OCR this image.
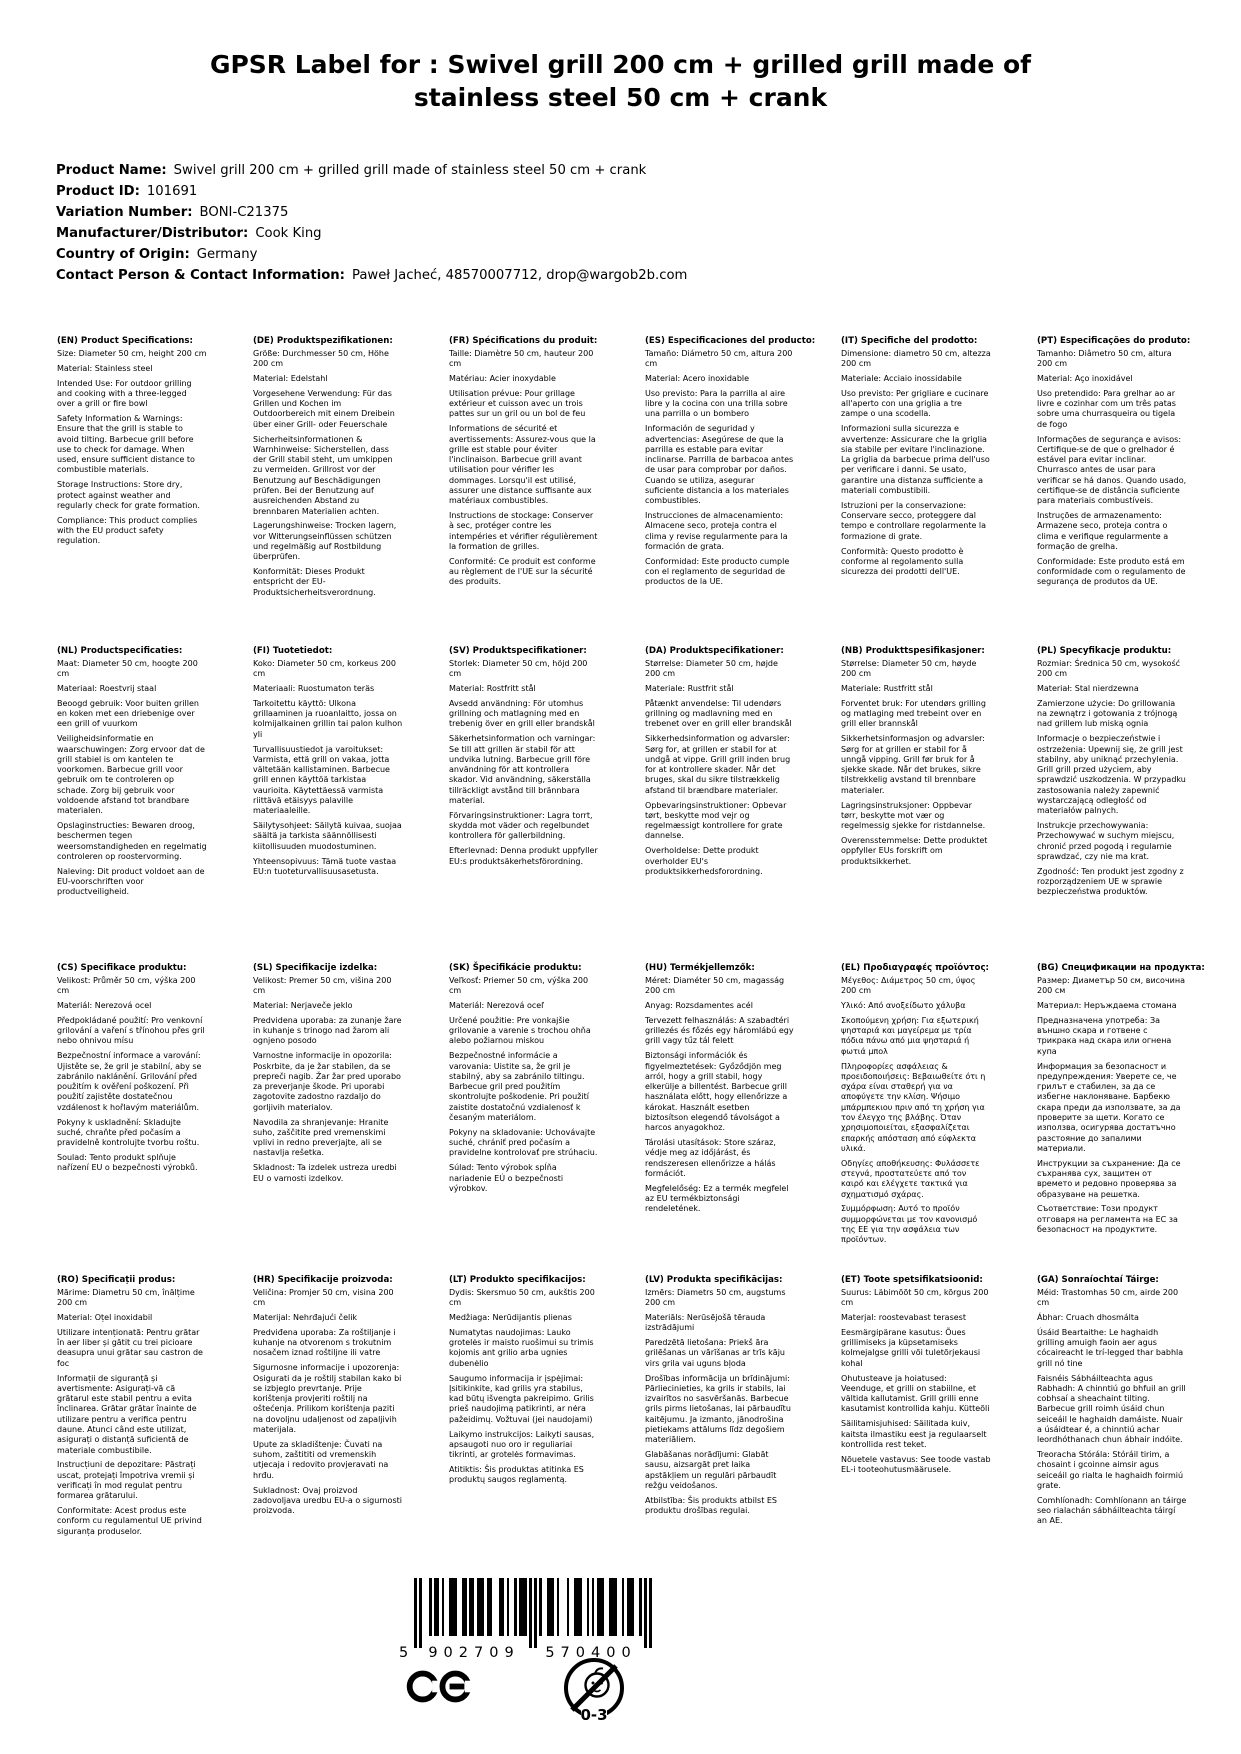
GPSR Label for : Swivel grill 200 cm + grilled grill made of
stainless steel 50 cm + crank
Product Name: Swivel grill 200 cm + grilled grill made of stainless steel 50 cm + crank
Product ID: 101691
Variation Number: BONI-C21375
Manufacturer/Distributor: Cook King
Country of Origin: Germany
Contact Person & Contact Information: Paweł Jacheć, 48570007712, drop@wargob2b.com
(EN) Product Specifications:

Size: Diameter 50 cm, height 200 cm

Material: Stainless steel

Intended Use: For outdoor grilling and cooking with a three-legged over a grill or fire bowl

Safety Information & Warnings: Ensure that the grill is stable to avoid tilting. Barbecue grill before use to check for damage. When used, ensure sufficient distance to combustible materials.

Storage Instructions: Store dry, protect against weather and regularly check for grate formation.

Compliance: This product complies with the EU product safety regulation.

(DE) Produktspezifikationen:

Größe: Durchmesser 50 cm, Höhe 200 cm

Material: Edelstahl

Vorgesehene Verwendung: Für das Grillen und Kochen im Outdoorbereich mit einem Dreibein über einer Grill- oder Feuerschale

Sicherheitsinformationen & Warnhinweise: Sicherstellen, dass der Grill stabil steht, um umkippen zu vermeiden. Grillrost vor der Benutzung auf Beschädigungen prüfen. Bei der Benutzung auf ausreichenden Abstand zu brennbaren Materialien achten.

Lagerungshinweise: Trocken lagern, vor Witterungseinflüssen schützen und regelmäßig auf Rostbildung überprüfen.

Konformität: Dieses Produkt entspricht der EU-Produktsicherheitsverordnung.

(FR) Spécifications du produit:

Taille: Diamètre 50 cm, hauteur 200 cm

Matériau: Acier inoxydable

Utilisation prévue: Pour grillage extérieur et cuisson avec un trois pattes sur un gril ou un bol de feu

Informations de sécurité et avertissements: Assurez-vous que la grille est stable pour éviter l'inclinaison. Barbecue grill avant utilisation pour vérifier les dommages. Lorsqu'il est utilisé, assurer une distance suffisante aux matériaux combustibles.

Instructions de stockage: Conserver à sec, protéger contre les intempéries et vérifier régulièrement la formation de grilles.

Conformité: Ce produit est conforme au règlement de l'UE sur la sécurité des produits.

(ES) Especificaciones del producto:

Tamaño: Diámetro 50 cm, altura 200 cm

Material: Acero inoxidable

Uso previsto: Para la parrilla al aire libre y la cocina con una trilla sobre una parrilla o un bombero

Información de seguridad y advertencias: Asegúrese de que la parrilla es estable para evitar inclinarse. Parrilla de barbacoa antes de usar para comprobar por daños. Cuando se utiliza, asegurar suficiente distancia a los materiales combustibles.

Instrucciones de almacenamiento: Almacene seco, proteja contra el clima y revise regularmente para la formación de grata.

Conformidad: Este producto cumple con el reglamento de seguridad de productos de la UE.

(IT) Specifiche del prodotto:

Dimensione: diametro 50 cm, altezza 200 cm

Materiale: Acciaio inossidabile

Uso previsto: Per grigliare e cucinare all'aperto con una griglia a tre zampe o una scodella.

Informazioni sulla sicurezza e avvertenze: Assicurare che la griglia sia stabile per evitare l'inclinazione. La griglia da barbecue prima dell'uso per verificare i danni. Se usato, garantire una distanza sufficiente a materiali combustibili.

Istruzioni per la conservazione: Conservare secco, proteggere dal tempo e controllare regolarmente la formazione di grate.

Conformità: Questo prodotto è conforme al regolamento sulla sicurezza dei prodotti dell'UE.

(PT) Especificações do produto:

Tamanho: Diâmetro 50 cm, altura 200 cm

Material: Aço inoxidável

Uso pretendido: Para grelhar ao ar livre e cozinhar com um três patas sobre uma churrasqueira ou tigela de fogo

Informações de segurança e avisos: Certifique-se de que o grelhador é estável para evitar inclinar. Churrasco antes de usar para verificar se há danos. Quando usado, certifique-se de distância suficiente para materiais combustíveis.

Instruções de armazenamento: Armazene seco, proteja contra o clima e verifique regularmente a formação de grelha.

Conformidade: Este produto está em conformidade com o regulamento de segurança de produtos da UE.

(NL) Productspecificaties:

Maat: Diameter 50 cm, hoogte 200 cm

Materiaal: Roestvrij staal

Beoogd gebruik: Voor buiten grillen en koken met een driebenige over een grill of vuurkom

Veiligheidsinformatie en waarschuwingen: Zorg ervoor dat de grill stabiel is om kantelen te voorkomen. Barbecue grill voor gebruik om te controleren op schade. Zorg bij gebruik voor voldoende afstand tot brandbare materialen.

Opslaginstructies: Bewaren droog, beschermen tegen weersomstandigheden en regelmatig controleren op roostervorming.

Naleving: Dit product voldoet aan de EU-voorschriften voor productveiligheid.

(FI) Tuotetiedot:

Koko: Diameter 50 cm, korkeus 200 cm

Materiaali: Ruostumaton teräs

Tarkoitettu käyttö: Ulkona grillaaminen ja ruoanlaitto, jossa on kolmijalkainen grillin tai palon kulhon yli

Turvallisuustiedot ja varoitukset: Varmista, että grill on vakaa, jotta vältetään kallistaminen. Barbecue grill ennen käyttöä tarkistaa vaurioita. Käytettäessä varmista riittävä etäisyys palaville materiaaleille.

Säilytysohjeet: Säilytä kuivaa, suojaa säältä ja tarkista säännöllisesti kiitollisuuden muodostuminen.

Yhteensopivuus: Tämä tuote vastaa EU:n tuoteturvallisuusasetusta.

(SV) Produktspecifikationer:

Storlek: Diameter 50 cm, höjd 200 cm

Material: Rostfritt stål

Avsedd användning: För utomhus grillning och matlagning med en trebenig över en grill eller brandskål

Säkerhetsinformation och varningar: Se till att grillen är stabil för att undvika lutning. Barbecue grill före användning för att kontrollera skador. Vid användning, säkerställa tillräckligt avstånd till brännbara material.

Förvaringsinstruktioner: Lagra torrt, skydda mot väder och regelbundet kontrollera för gallerbildning.

Efterlevnad: Denna produkt uppfyller EU:s produktsäkerhetsförordning.

(DA) Produktspecifikationer:

Størrelse: Diameter 50 cm, højde 200 cm

Materiale: Rustfrit stål

Påtænkt anvendelse: Til udendørs grillning og madlavning med en trebenet over en grill eller brandskål

Sikkerhedsinformation og advarsler: Sørg for, at grillen er stabil for at undgå at vippe. Grill grill inden brug for at kontrollere skader. Når det bruges, skal du sikre tilstrækkelig afstand til brændbare materialer.

Opbevaringsinstruktioner: Opbevar tørt, beskytte mod vejr og regelmæssigt kontrollere for grate dannelse.

Overholdelse: Dette produkt overholder EU's produktsikkerhedsforordning.

(NB) Produkttspesifikasjoner:

Størrelse: Diameter 50 cm, høyde 200 cm

Materiale: Rustfritt stål

Forventet bruk: For utendørs grilling og matlaging med trebeint over en grill eller brannskål

Sikkerhetsinformasjon og advarsler: Sørg for at grillen er stabil for å unngå vipping. Grill før bruk for å sjekke skade. Når det brukes, sikre tilstrekkelig avstand til brennbare materialer.

Lagringsinstruksjoner: Oppbevar tørr, beskytte mot vær og regelmessig sjekke for ristdannelse.

Overensstemmelse: Dette produktet oppfyller EUs forskrift om produktsikkerhet.

(PL) Specyfikacje produktu:

Rozmiar: Średnica 50 cm, wysokość 200 cm

Materiał: Stal nierdzewna

Zamierzone użycie: Do grillowania na zewnątrz i gotowania z trójnogą nad grillem lub miską ognia

Informacje o bezpieczeństwie i ostrzeżenia: Upewnij się, że grill jest stabilny, aby uniknąć przechylenia. Grill grill przed użyciem, aby sprawdzić uszkodzenia. W przypadku zastosowania należy zapewnić wystarczającą odległość od materiałów palnych.

Instrukcje przechowywania: Przechowywać w suchym miejscu, chronić przed pogodą i regularnie sprawdzać, czy nie ma krat.

Zgodność: Ten produkt jest zgodny z rozporządzeniem UE w sprawie bezpieczeństwa produktów.

(CS) Specifikace produktu:

Velikost: Průměr 50 cm, výška 200 cm

Materiál: Nerezová ocel

Předpokládané použití: Pro venkovní grilování a vaření s třínohou přes gril nebo ohnivou mísu

Bezpečnostní informace a varování: Ujistěte se, že gril je stabilní, aby se zabránilo naklánění. Grilování před použitím k ověření poškození. Při použití zajistěte dostatečnou vzdálenost k hořlavým materiálům.

Pokyny k uskladnění: Skladujte suché, chraňte před počasím a pravidelně kontrolujte tvorbu roštu.

Soulad: Tento produkt splňuje nařízení EU o bezpečnosti výrobků.

(SL) Specifikacije izdelka:

Velikost: Premer 50 cm, višina 200 cm

Material: Nerjaveče jeklo

Predvidena uporaba: za zunanje žare in kuhanje s trinogo nad žarom ali ognjeno posodo

Varnostne informacije in opozorila: Poskrbite, da je žar stabilen, da se prepreči nagib. Žar žar pred uporabo za preverjanje škode. Pri uporabi zagotovite zadostno razdaljo do gorljivih materialov.

Navodila za shranjevanje: Hranite suho, zaščitite pred vremenskimi vplivi in redno preverjajte, ali se nastavlja rešetka.

Skladnost: Ta izdelek ustreza uredbi EU o varnosti izdelkov.

(SK) Špecifikácie produktu:

Veľkosť: Priemer 50 cm, výška 200 cm

Materiál: Nerezová oceľ

Určené použitie: Pre vonkajšie grilovanie a varenie s trochou ohňa alebo požiarnou miskou

Bezpečnostné informácie a varovania: Uistite sa, že gril je stabilný, aby sa zabránilo tiltingu. Barbecue gril pred použitím skontrolujte poškodenie. Pri použití zaistite dostatočnú vzdialenosť k česaným materiálom.

Pokyny na skladovanie: Uchovávajte suché, chrániť pred počasím a pravidelne kontrolovať pre strúhaciu.

Súlad: Tento výrobok spĺňa nariadenie EÚ o bezpečnosti výrobkov.

(HU) Termékjellemzők:

Méret: Diaméter 50 cm, magasság 200 cm

Anyag: Rozsdamentes acél

Tervezett felhasználás: A szabadtéri grillezés és főzés egy háromlábú egy grill vagy tűz tál felett

Biztonsági információk és figyelmeztetések: Győződjön meg arról, hogy a grill stabil, hogy elkerülje a billentést. Barbecue grill használata előtt, hogy ellenőrizze a károkat. Használt esetben biztosítson elegendő távolságot a harcos anyagokhoz.

Tárolási utasítások: Store száraz, védje meg az időjárást, és rendszeresen ellenőrizze a hálás formációt.

Megfelelőség: Ez a termék megfelel az EU termékbiztonsági rendeletének.

(EL) Προδιαγραφές προϊόντος:

Μέγεθος: Διάμετρος 50 cm, ύψος 200 cm

Υλικό: Από ανοξείδωτο χάλυβα

Σκοπούμενη χρήση: Για εξωτερική ψησταριά και μαγείρεμα με τρία πόδια πάνω από μια ψησταριά ή φωτιά μπολ

Πληροφορίες ασφάλειας & προειδοποιήσεις: Βεβαιωθείτε ότι η σχάρα είναι σταθερή για να αποφύγετε την κλίση. Ψήσιμο μπάρμπεκιου πριν από τη χρήση για τον έλεγχο της βλάβης. Όταν χρησιμοποιείται, εξασφαλίζεται επαρκής απόσταση από εύφλεκτα υλικά.

Οδηγίες αποθήκευσης: Φυλάσσετε στεγνά, προστατεύετε από τον καιρό και ελέγχετε τακτικά για σχηματισμό σχάρας.

Συμμόρφωση: Αυτό το προϊόν συμμορφώνεται με τον κανονισμό της ΕΕ για την ασφάλεια των προϊόντων.

(BG) Спецификации на продукта:

Размер: Диаметър 50 см, височина 200 см

Материал: Неръждаема стомана

Предназначена употреба: За външно скара и готвене с трикрака над скара или огнена купа

Информация за безопасност и предупреждения: Уверете се, че грилът е стабилен, за да се избегне наклоняване. Барбекю скара преди да използвате, за да проверите за щети. Когато се използва, осигурява достатъчно разстояние до запалими материали.

Инструкции за съхранение: Да се съхранява сух, защитен от времето и редовно проверява за образуване на решетка.

Съответствие: Този продукт отговаря на регламента на ЕС за безопасност на продуктите.

(RO) Specificații produs:

Mărime: Diametru 50 cm, înălțime 200 cm

Material: Oțel inoxidabil

Utilizare intenționată: Pentru grătar în aer liber și gătit cu trei picioare deasupra unui grătar sau castron de foc

Informații de siguranță și avertismente: Asigurați-vă că grătarul este stabil pentru a evita înclinarea. Grătar grătar înainte de utilizare pentru a verifica pentru daune. Atunci când este utilizat, asigurați o distanță suficientă de materiale combustibile.

Instrucțiuni de depozitare: Păstrați uscat, protejați împotriva vremii și verificați în mod regulat pentru formarea grătarului.

Conformitate: Acest produs este conform cu regulamentul UE privind siguranța produselor.

(HR) Specifikacije proizvoda:

Veličina: Promjer 50 cm, visina 200 cm

Materijal: Nehrđajući čelik

Predviđena uporaba: Za roštiljanje i kuhanje na otvorenom s trokutnim nosačem iznad roštiljne ili vatre

Sigurnosne informacije i upozorenja: Osigurati da je roštilj stabilan kako bi se izbjeglo prevrtanje. Prije korištenja provjeriti roštilj na oštećenja. Prilikom korištenja paziti na dovoljnu udaljenost od zapaljivih materijala.

Upute za skladištenje: Čuvati na suhom, zaštititi od vremenskih utjecaja i redovito provjeravati na hrđu.

Sukladnost: Ovaj proizvod zadovoljava uredbu EU-a o sigurnosti proizvoda.

(LT) Produkto specifikacijos:

Dydis: Skersmuo 50 cm, aukštis 200 cm

Medžiaga: Nerūdijantis plienas

Numatytas naudojimas: Lauko grotelės ir maisto ruošimui su trimis kojomis ant grilio arba ugnies dubenėlio

Saugumo informacija ir įspėjimai: Įsitikinkite, kad grilis yra stabilus, kad būtų išvengta pakreipimo. Grilis prieš naudojimą patikrinti, ar nėra pažeidimų. Vožtuvai (jei naudojami)

Laikymo instrukcijos: Laikyti sausas, apsaugoti nuo oro ir reguliariai tikrinti, ar grotelės formavimas.

Atitiktis: Šis produktas atitinka ES produktų saugos reglamentą.

(LV) Produkta specifikācijas:

Izmērs: Diametrs 50 cm, augstums 200 cm

Materiāls: Nerūsējošā tērauda izstrādājumi

Paredzētā lietošana: Priekš āra grilēšanas un vārīšanas ar trīs kāju virs grila vai uguns bļoda

Drošības informācija un brīdinājumi: Pārliecinieties, ka grils ir stabils, lai izvairītos no sasvēršanās. Barbecue grils pirms lietošanas, lai pārbaudītu kaitējumu. Ja izmanto, jānodrošina pietiekams attālums līdz degošiem materiāliem.

Glabāšanas norādījumi: Glabāt sausu, aizsargāt pret laika apstākļiem un regulāri pārbaudīt režģu veidošanos.

Atbilstība: Šis produkts atbilst ES produktu drošības regulai.

(ET) Toote spetsifikatsioonid:

Suurus: Läbimõõt 50 cm, kõrgus 200 cm

Materjal: roostevabast terasest

Eesmärgipärane kasutus: Õues grillimiseks ja küpsetamiseks kolmejalgse grilli või tuletõrjekausi kohal

Ohutusteave ja hoiatused: Veenduge, et grilli on stabiilne, et vältida kallutamist. Grill grilli enne kasutamist kontrollida kahju. Kütteõli

Säilitamisjuhised: Säilitada kuiv, kaitsta ilmastiku eest ja regulaarselt kontrollida rest teket.

Nõuetele vastavus: See toode vastab EL-i tooteohutusmäärusele.

(GA) Sonraíochtaí Táirge:

Méid: Trastomhas 50 cm, airde 200 cm

Ábhar: Cruach dhosmálta

Úsáid Beartaithe: Le haghaidh grilling amuigh faoin aer agus cócaireacht le trí-legged thar babhla grill nó tine

Faisnéis Sábháilteachta agus Rabhadh: A chinntiú go bhfuil an grill cobhsaí a sheachaint tilting. Barbecue grill roimh úsáid chun seiceáil le haghaidh damáiste. Nuair a úsáidtear é, a chinntiú achar leordhóthanach chun ábhair indóite.

Treoracha Stórála: Stóráil tirim, a chosaint i gcoinne aimsir agus seiceáil go rialta le haghaidh foirmiú grate.

Comhlíonadh: Comhlíonann an táirge seo rialachán sábháilteachta táirgí an AE.

5	902709	570400
0-3
